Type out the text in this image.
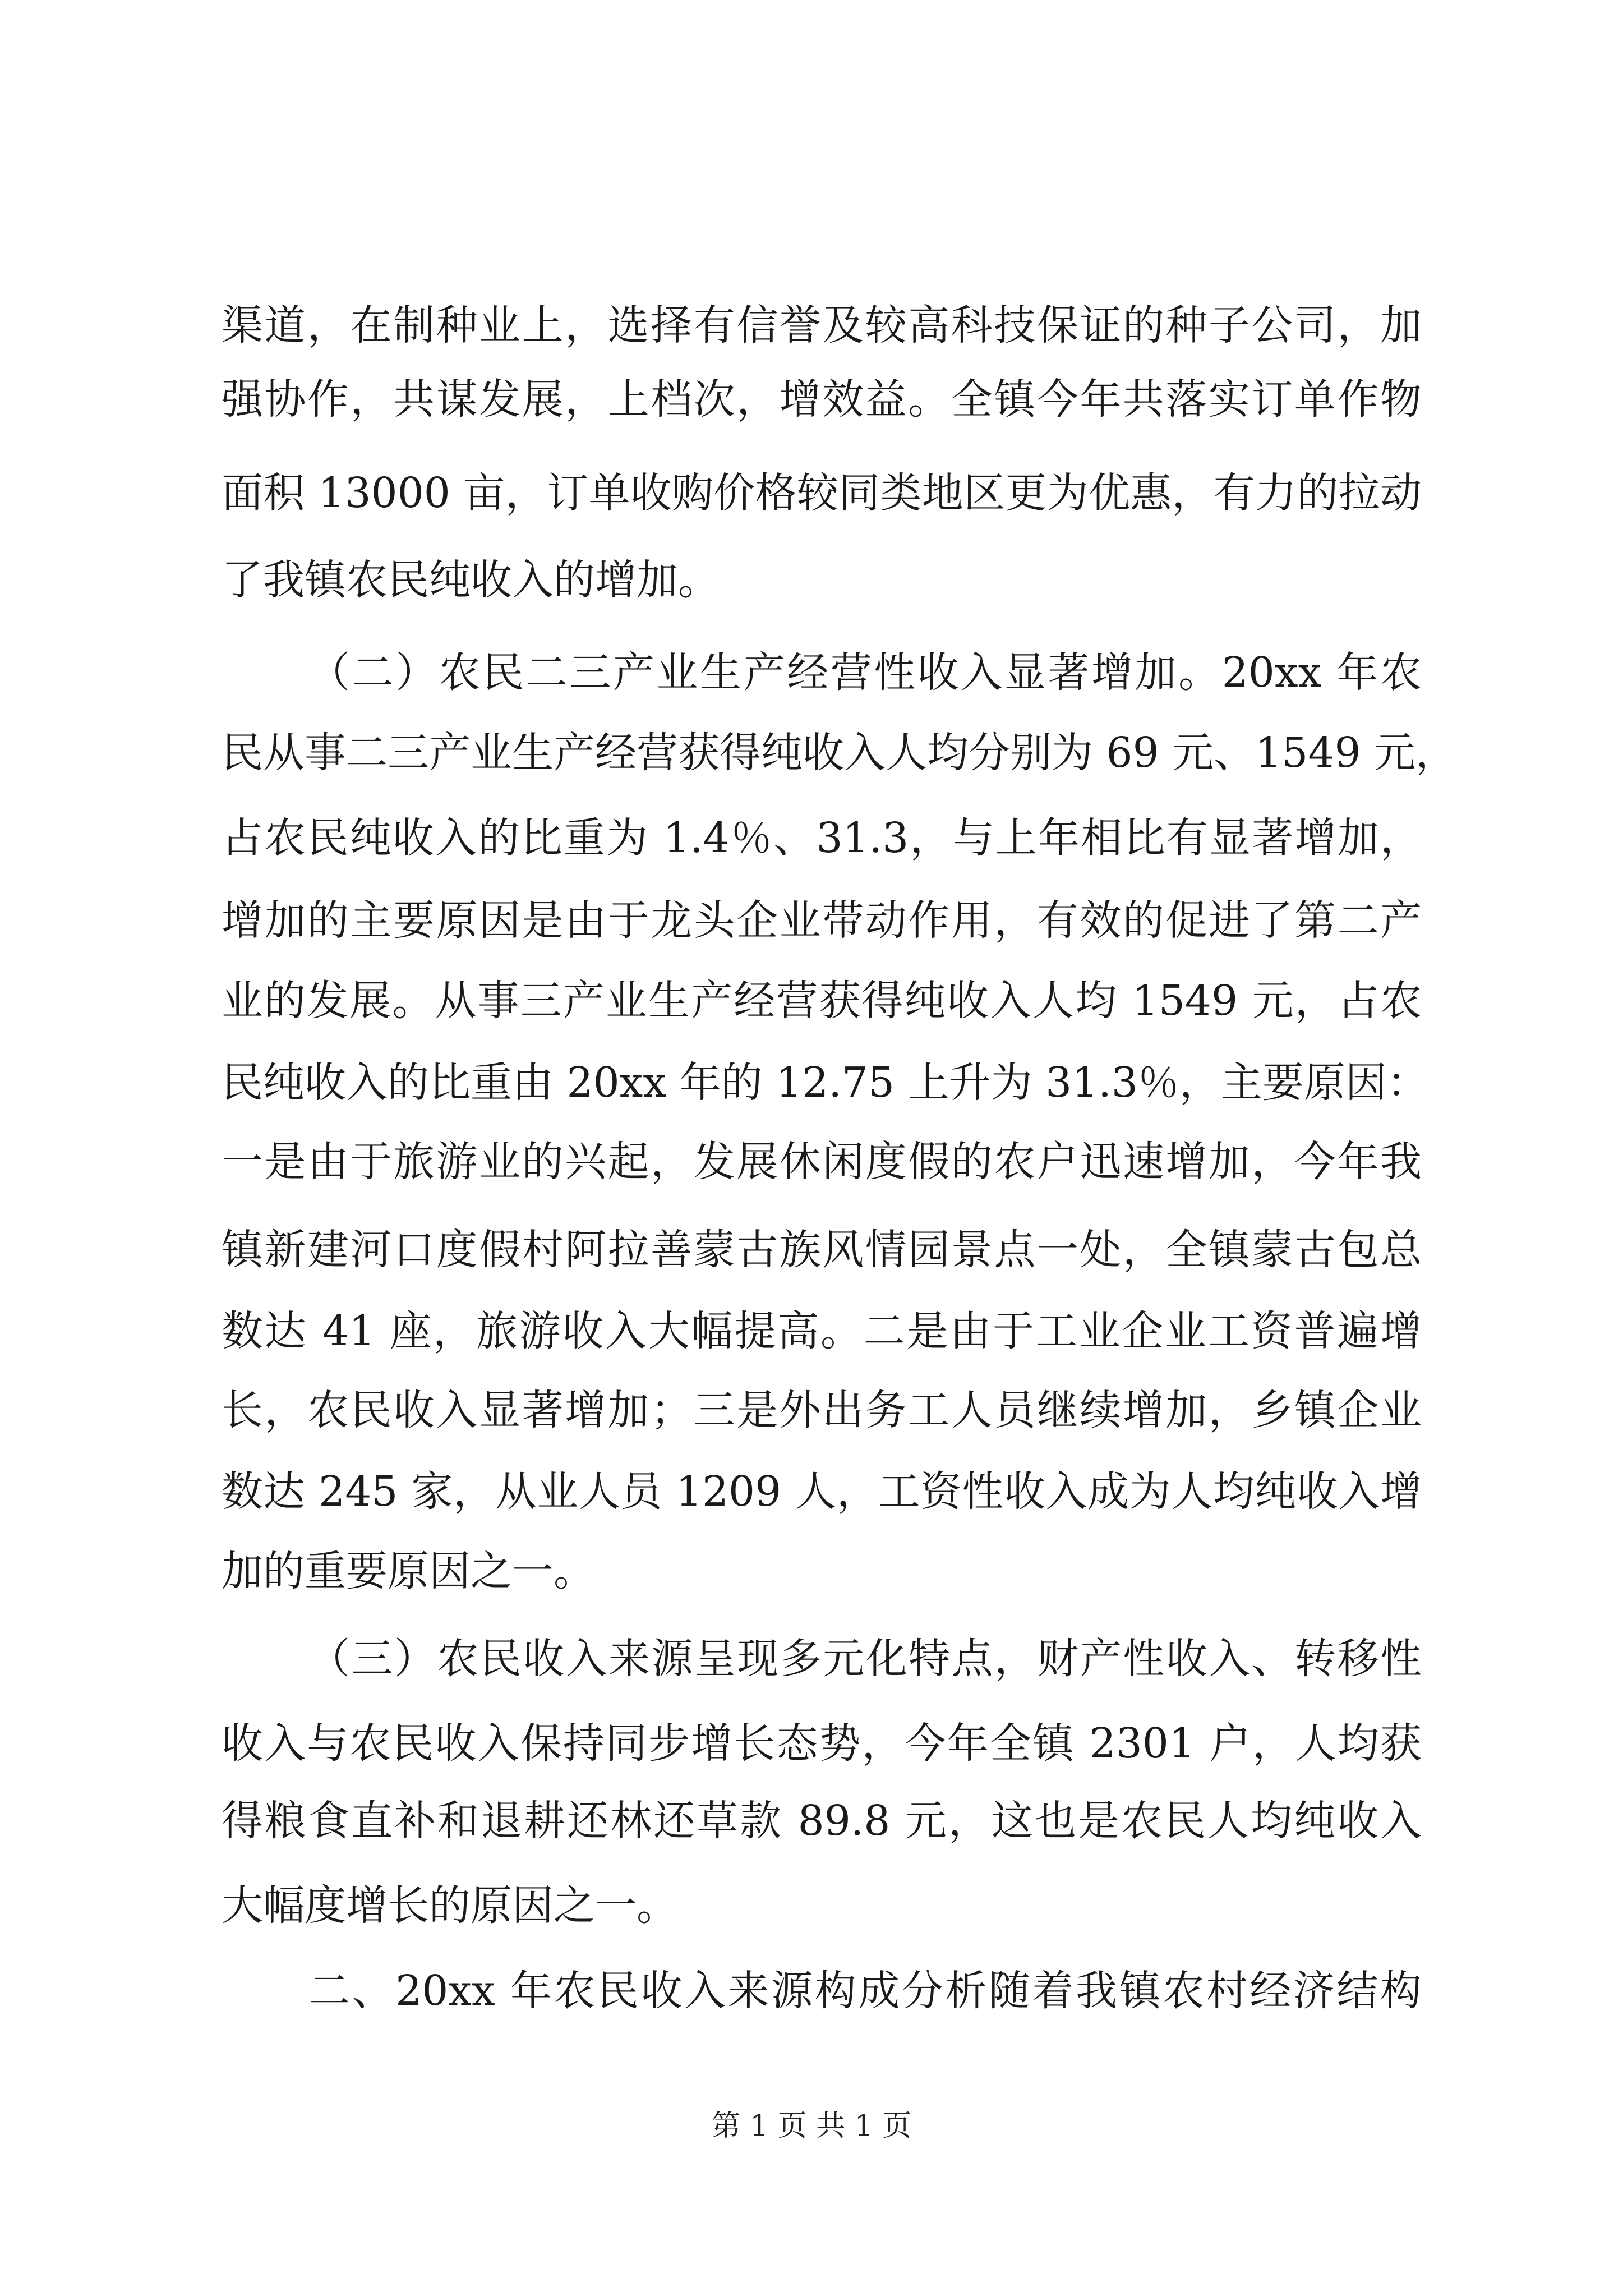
渠道，在制种业上，选择有信誉及较高科技保证的种子公司，加
强协作，共谋发展，上档次，增效益。全镇今年共落实订单作物
面积 13000 亩，订单收购价格较同类地区更为优惠，有力的拉动
了我镇农民纯收入的增加。
（二）农民二三产业生产经营性收入显著增加。20xx 年农
民从事二三产业生产经营获得纯收入人均分别为 69 元、1549 元，
占农民纯收入的比重为 1.4％、31.3，与上年相比有显著增加，
增加的主要原因是由于龙头企业带动作用，有效的促进了第二产
业的发展。从事三产业生产经营获得纯收入人均 1549 元，占农
民纯收入的比重由 20xx 年的 12.75 上升为 31.3％，主要原因：
一是由于旅游业的兴起，发展休闲度假的农户迅速增加，今年我
镇新建河口度假村阿拉善蒙古族风情园景点一处，全镇蒙古包总
数达 41 座，旅游收入大幅提高。二是由于工业企业工资普遍增
长，农民收入显著增加；三是外出务工人员继续增加，乡镇企业
数达 245 家，从业人员 1209 人，工资性收入成为人均纯收入增
加的重要原因之一。
（三）农民收入来源呈现多元化特点，财产性收入、转移性
收入与农民收入保持同步增长态势，今年全镇 2301 户，人均获
得粮食直补和退耕还林还草款 89.8 元，这也是农民人均纯收入
大幅度增长的原因之一。
二、20xx 年农民收入来源构成分析随着我镇农村经济结构
第 1 页 共 1 页
